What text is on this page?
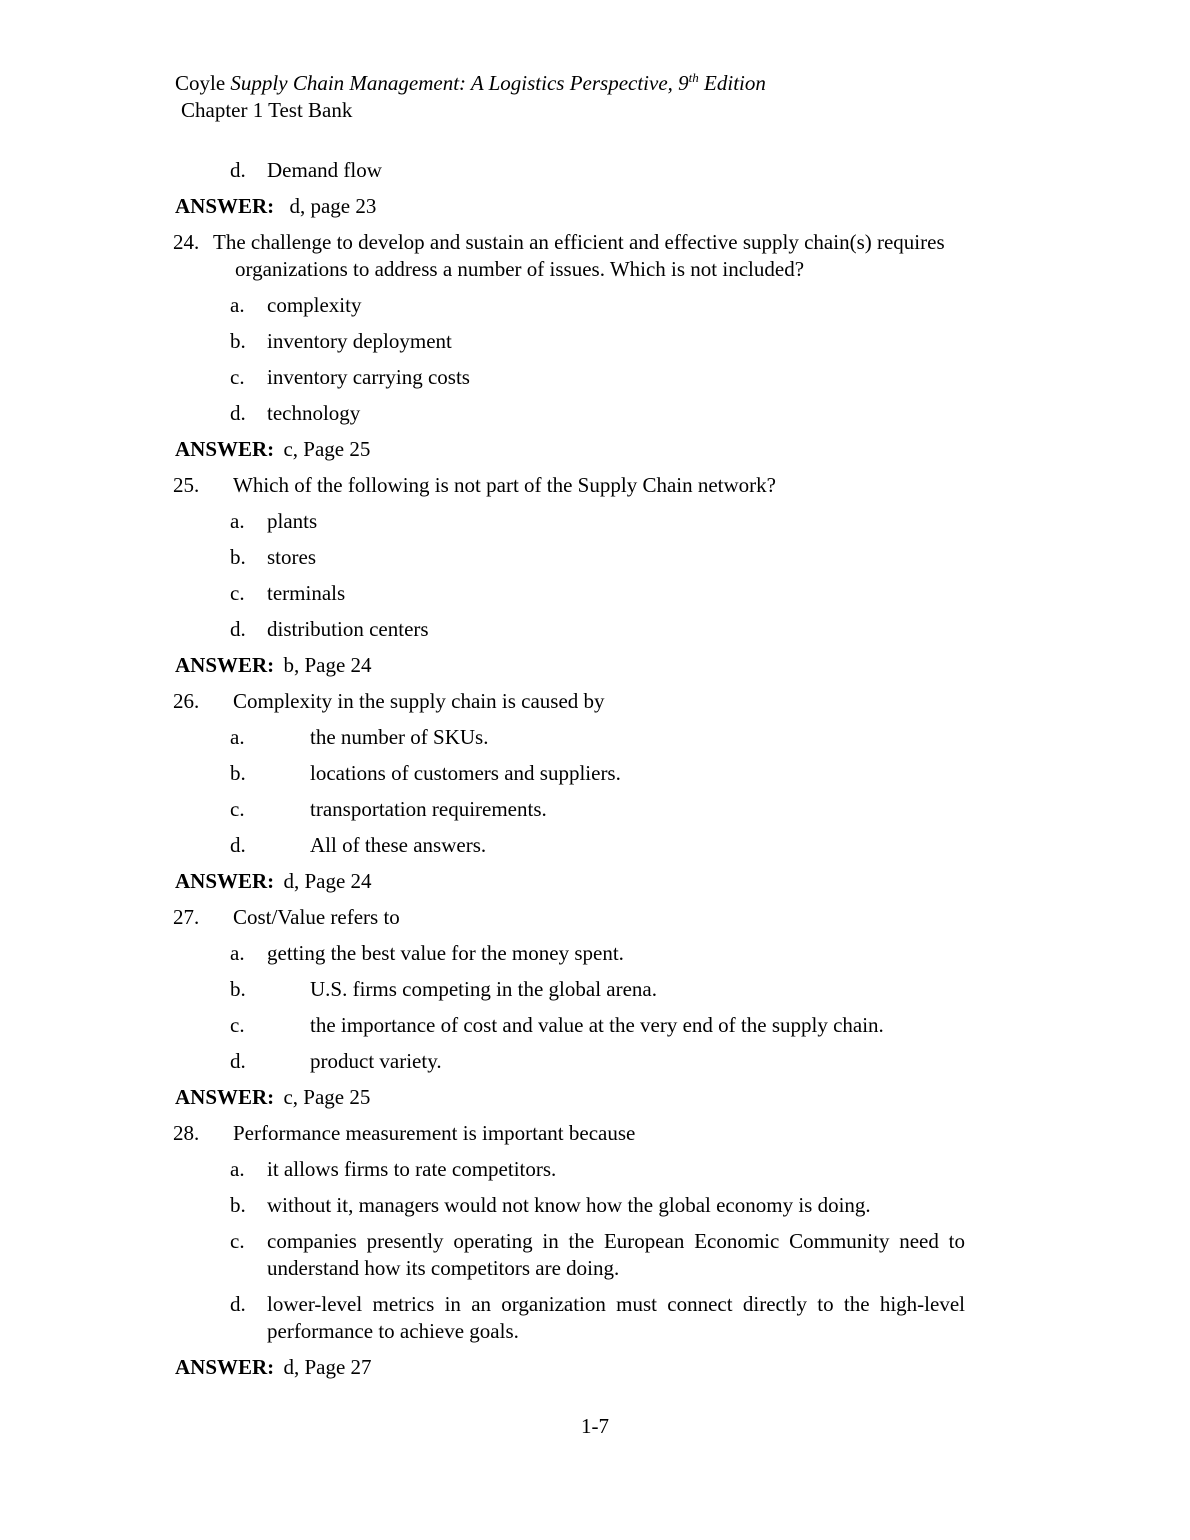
Coyle Supply Chain Management: A Logistics Perspective, 9th Edition

Chapter 1 Test Bank

d. Demand flow

ANSWER: d, page 23

24. The challenge to develop and sustain an efficient and effective supply chain(s) requires organizations to address a number of issues. Which is not included?

a. complexity

b. inventory deployment

c. inventory carrying costs

d. technology

ANSWER: c, Page 25

25. Which of the following is not part of the Supply Chain network?

a. plants

b. stores

c. terminals

d. distribution centers

ANSWER: b, Page 24

26. Complexity in the supply chain is caused by

a.	the number of SKUs.

b.	locations of customers and suppliers.

c.	transportation requirements.

d.	All of these answers.

ANSWER: d, Page 24

27. Cost/Value refers to

a. getting the best value for the money spent.

b.	U.S. firms competing in the global arena.

c.	the importance of cost and value at the very end of the supply chain.

d.	product variety.

ANSWER: c, Page 25

28. Performance measurement is important because

a. it allows firms to rate competitors.

b. without it, managers would not know how the global economy is doing.

c. companies presently operating in the European Economic Community need to understand how its competitors are doing.

d. lower-level metrics in an organization must connect directly to the high-level performance to achieve goals.

ANSWER: d, Page 27

1-7
